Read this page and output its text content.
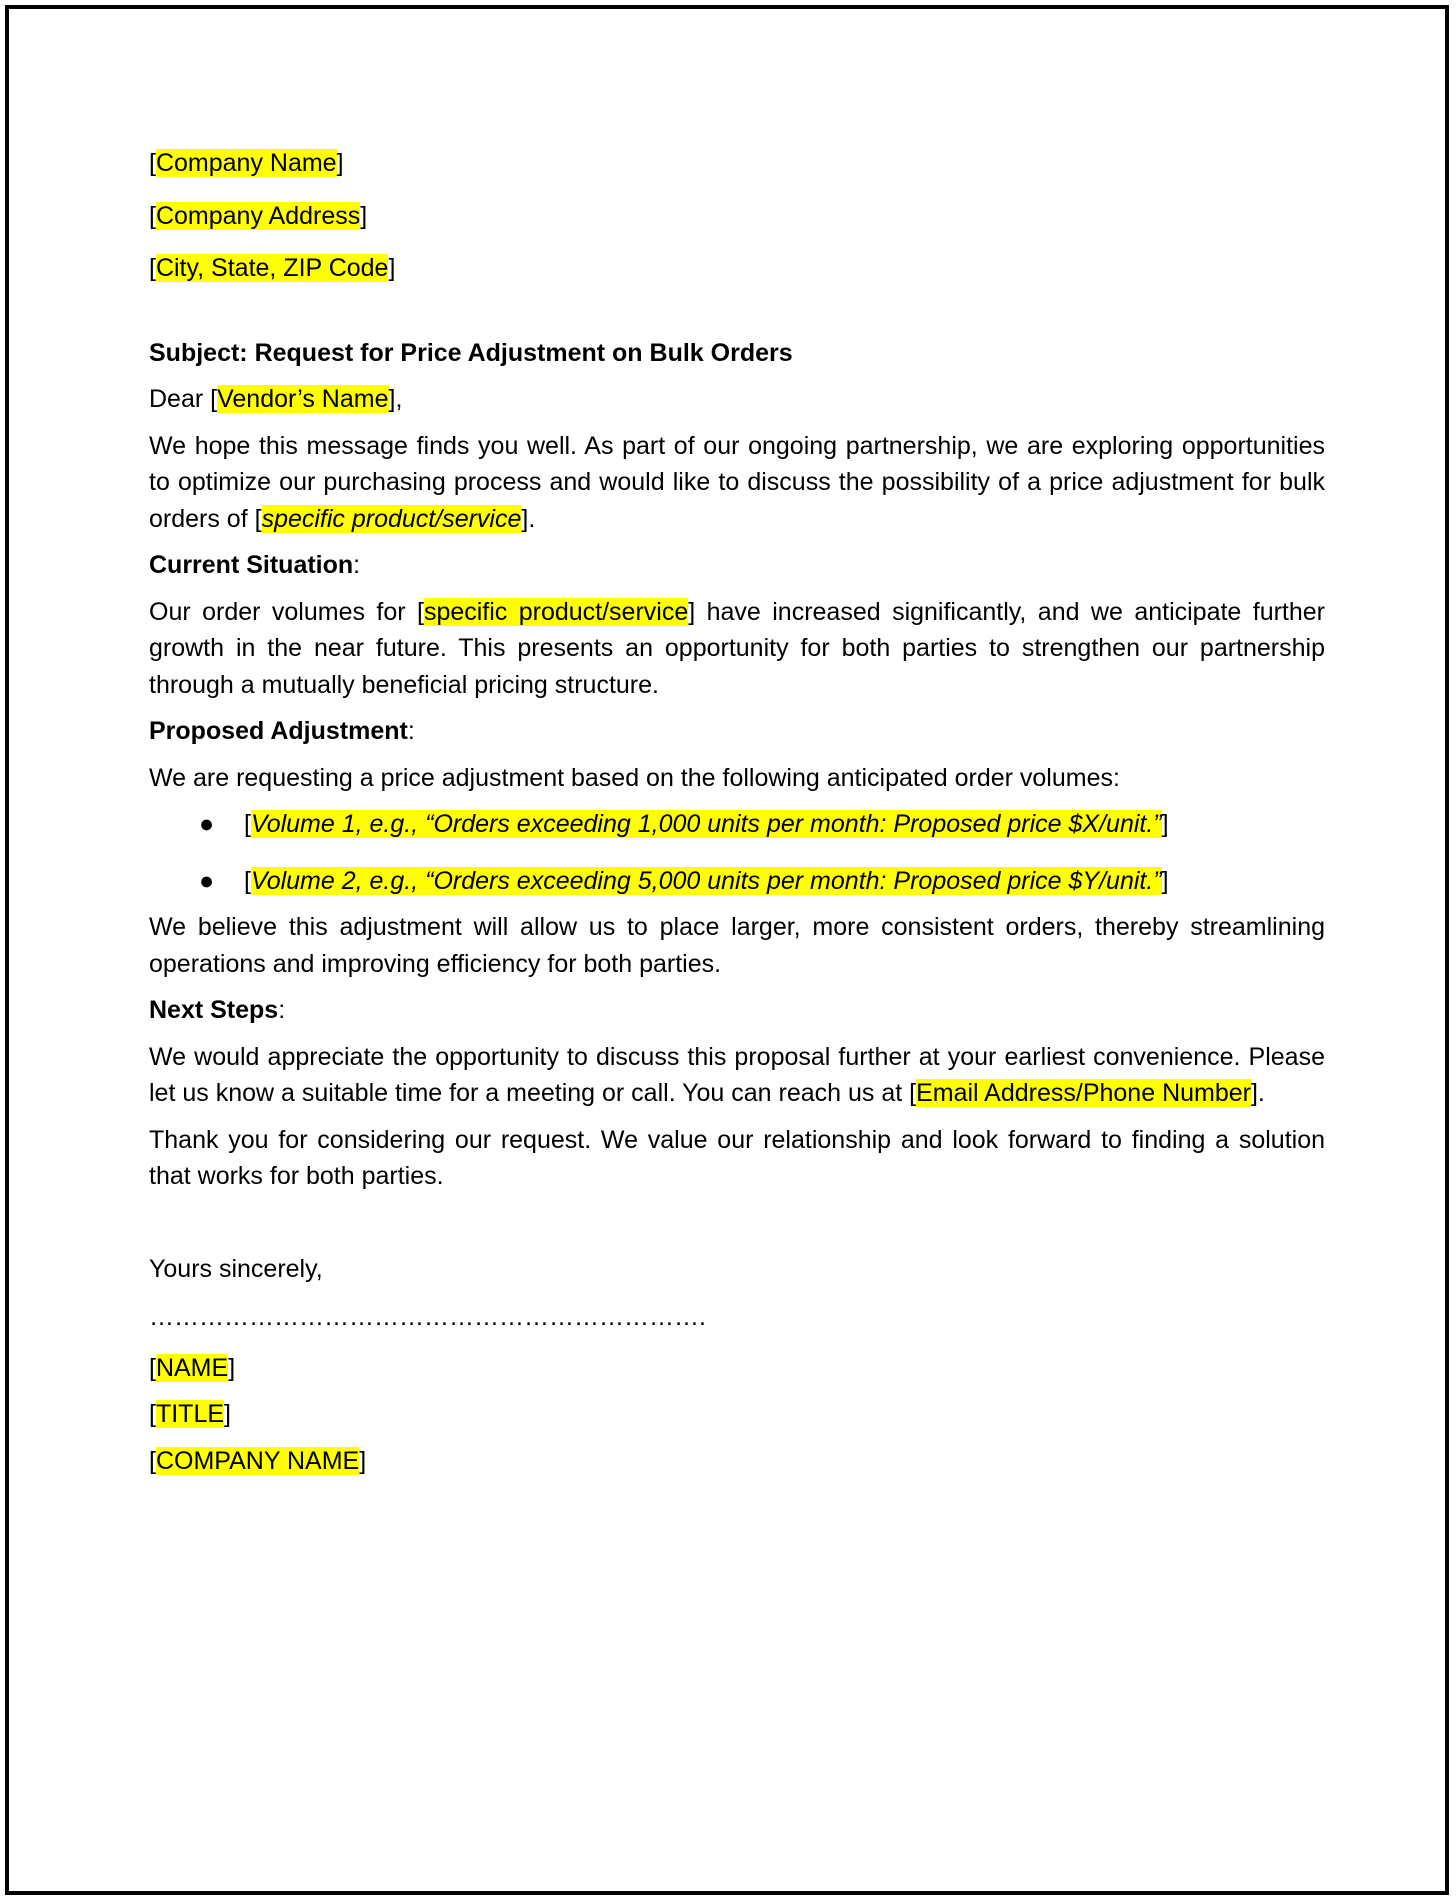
[Company Name]

[Company Address]

[City, State, ZIP Code]

Subject: Request for Price Adjustment on Bulk Orders

Dear [Vendor’s Name],

We hope this message finds you well. As part of our ongoing partnership, we are exploring opportunities to optimize our purchasing process and would like to discuss the possibility of a price adjustment for bulk orders of [specific product/service].

Current Situation:

Our order volumes for [specific product/service] have increased significantly, and we anticipate further growth in the near future. This presents an opportunity for both parties to strengthen our partnership through a mutually beneficial pricing structure.

Proposed Adjustment:

We are requesting a price adjustment based on the following anticipated order volumes:

● [Volume 1, e.g., “Orders exceeding 1,000 units per month: Proposed price $X/unit.”]
● [Volume 2, e.g., “Orders exceeding 5,000 units per month: Proposed price $Y/unit.”]

We believe this adjustment will allow us to place larger, more consistent orders, thereby streamlining operations and improving efficiency for both parties.

Next Steps:

We would appreciate the opportunity to discuss this proposal further at your earliest convenience. Please let us know a suitable time for a meeting or call. You can reach us at [Email Address/Phone Number].

Thank you for considering our request. We value our relationship and look forward to finding a solution that works for both parties.

Yours sincerely,

………………………………………………………….

[NAME]

[TITLE]

[COMPANY NAME]
